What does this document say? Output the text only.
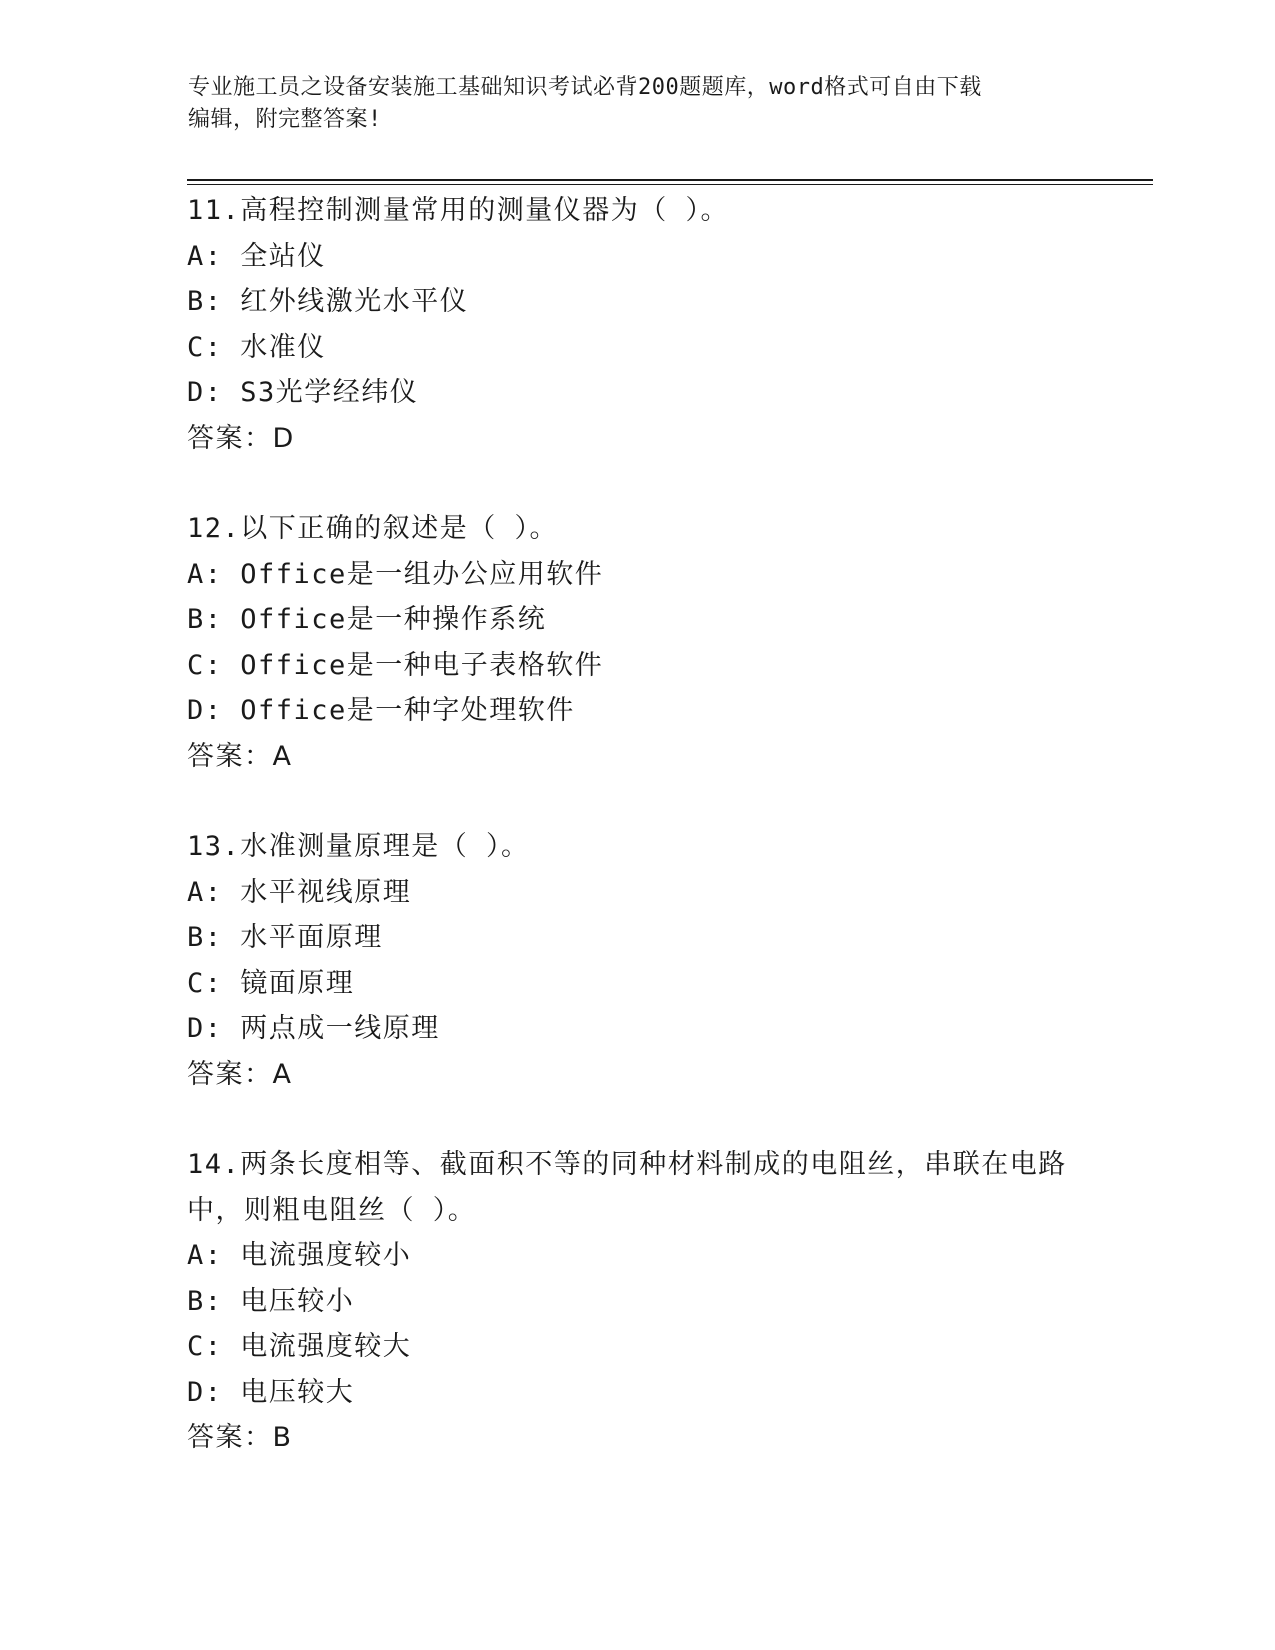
专业施工员之设备安装施工基础知识考试必背200题题库，word格式可自由下载
编辑，附完整答案!
11.高程控制测量常用的测量仪器为（ ）。
A: 全站仪
B: 红外线激光水平仪
C: 水准仪
D: S3光学经纬仪
答案：D
12.以下正确的叙述是（ ）。
A: Office是一组办公应用软件
B: Office是一种操作系统
C: Office是一种电子表格软件
D: Office是一种字处理软件
答案：A
13.水准测量原理是（ ）。
A: 水平视线原理
B: 水平面原理
C: 镜面原理
D: 两点成一线原理
答案：A
14.两条长度相等、截面积不等的同种材料制成的电阻丝，串联在电路中，则粗电阻丝（ ）。
A: 电流强度较小
B: 电压较小
C: 电流强度较大
D: 电压较大
答案：B
